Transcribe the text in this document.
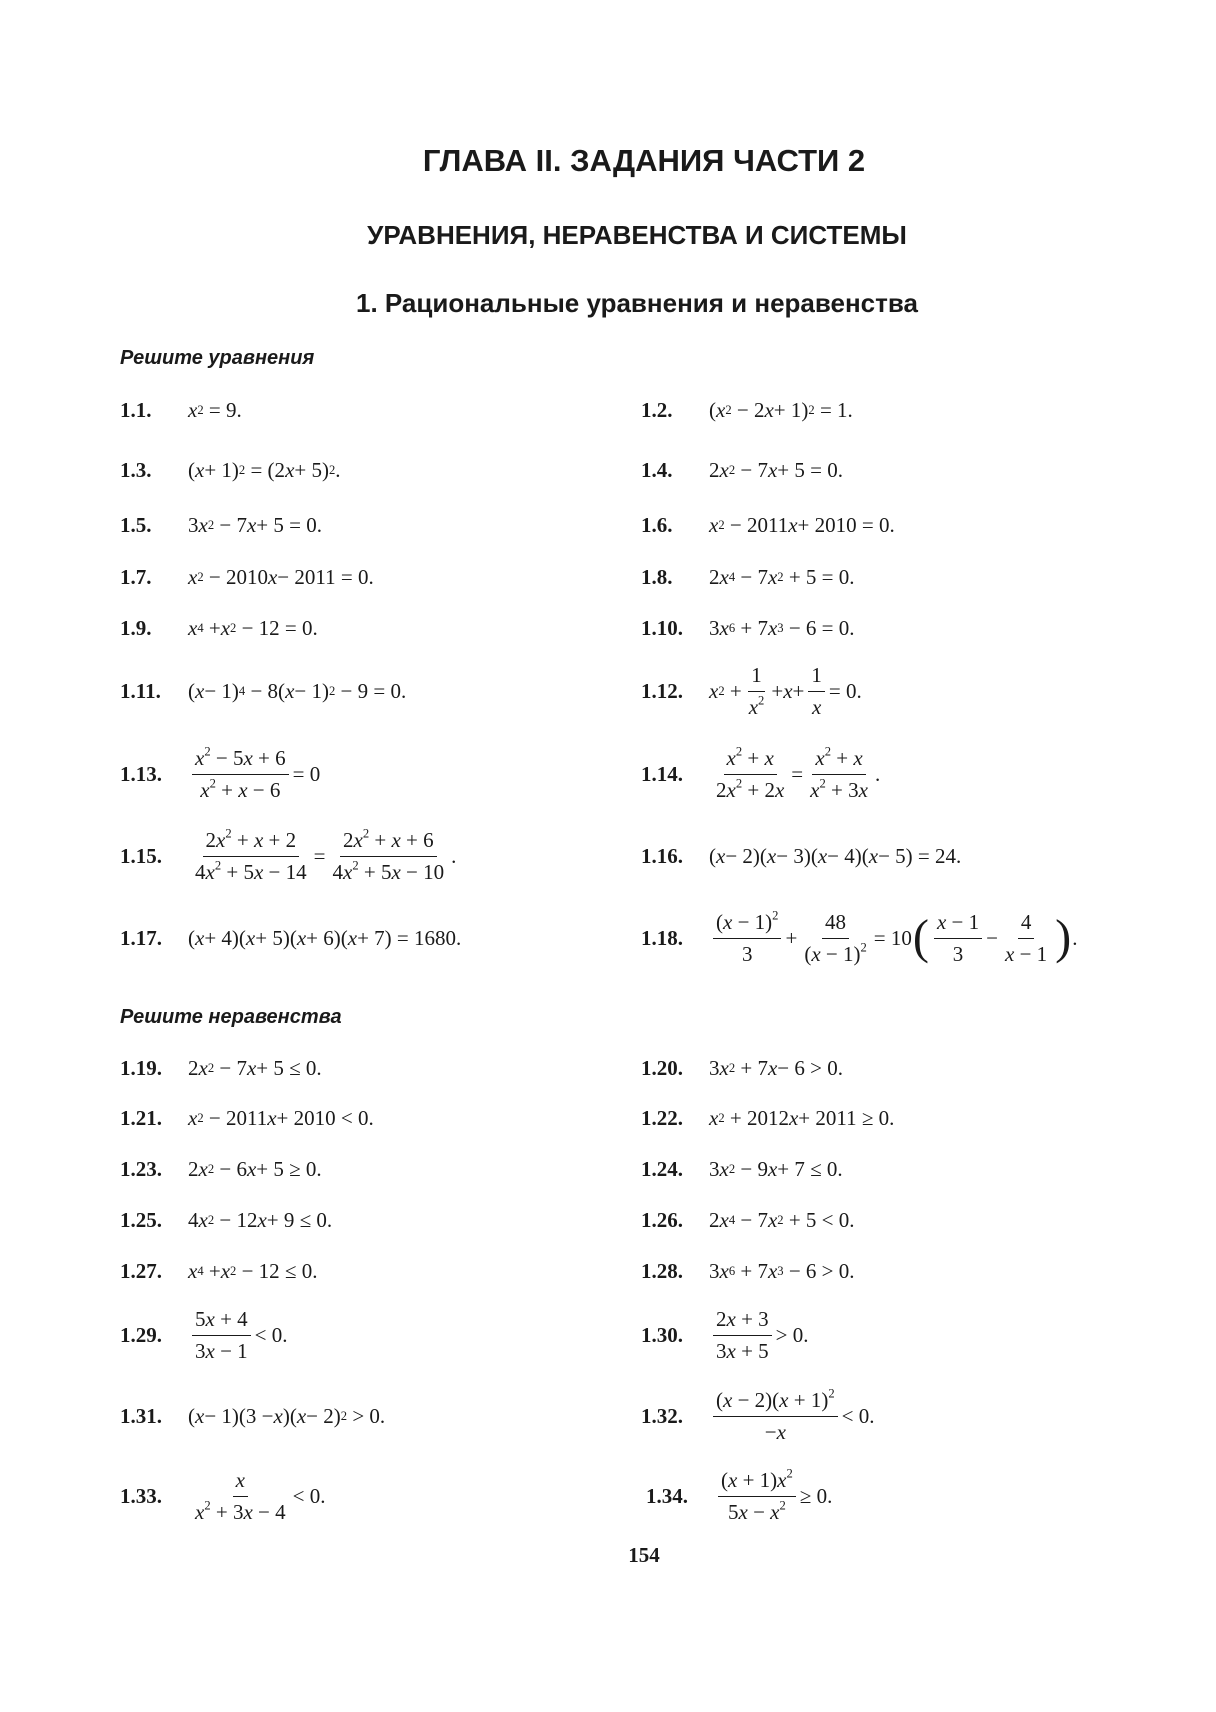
ГЛАВА II. ЗАДАНИЯ ЧАСТИ 2
УРАВНЕНИЯ, НЕРАВЕНСТВА И СИСТЕМЫ
1. Рациональные уравнения и неравенства
Решите уравнения
1.1.	x 2 = 9.	1.2.	( x 2 − 2 x + 1) 2 = 1.
1.3.	( x + 1) 2 = (2 x + 5) 2 .	1.4.	2 x 2 − 7 x + 5 = 0.
1.5.	3 x 2 − 7 x + 5 = 0.	1.6.	x 2 − 2011 x + 2010 = 0.
1.7.	x 2 − 2010 x − 2011 = 0.	1.8.	2 x 4 − 7 x 2 + 5 = 0.
1.9.	x 4 + x 2 − 12 = 0.	1.10.	3 x 6 + 7 x 3 − 6 = 0.
1.11.	( x − 1) 4 − 8( x − 1) 2 − 9 = 0.	1.12.	x $2 + \frac{1}{x^2} + x + \frac{1}{x} = 0$.
1.13.	$\frac{x^2 - 5x + 6}{x^2 + x - 6} = 0$	1.14.	$\frac{x^2 + x}{2x^2 + 2x} = \frac{x^2 + x}{x^2 + 3x}$ .
1.15.	$\frac{2x^2 + x + 2}{4x^2 + 5x - 14} = \frac{2x^2 + x + 6}{4x^2 + 5x - 10}$ .	1.16.	( x − 2)( x − 3)( x − 4)( x − 5) = 24.
1.17.	( x + 4)( x + 5)( x + 6)( x + 7) = 1680.	1.18.	$\frac{(x - 1)^2}{3} + \frac{48}{(x - 1)^2} = 10$ ( $\frac{x - 1}{3} - \frac{4}{x - 1}$ ) .
Решите неравенства
1.19.	2 x 2 − 7 x + 5 ≤ 0.	1.20.	3 x 2 + 7 x − 6 > 0.
1.21.	x 2 − 2011 x + 2010 < 0.	1.22.	x 2 + 2012 x + 2011 ≥ 0.
1.23.	2 x 2 − 6 x + 5 ≥ 0.	1.24.	3 x 2 − 9 x + 7 ≤ 0.
1.25.	4 x 2 − 12 x + 9 ≤ 0.	1.26.	2 x 4 − 7 x 2 + 5 < 0.
1.27.	x 4 + x 2 − 12 ≤ 0.	1.28.	3 x 6 + 7 x 3 − 6 > 0.
1.29.	$\frac{5x + 4}{3x - 1} < 0$.	1.30.	$\frac{2x + 3}{3x + 5} > 0$.
1.31.	( x − 1)(3 − x )( x − 2) 2 > 0.	1.32.	$\frac{(x - 2)(x + 1)^2}{-x} < 0$.
1.33.	$\frac{x}{x^2 + 3x - 4} < 0$.	1.34.	$\frac{(x + 1)x^2}{5x - x^2} \ge 0$.
154
